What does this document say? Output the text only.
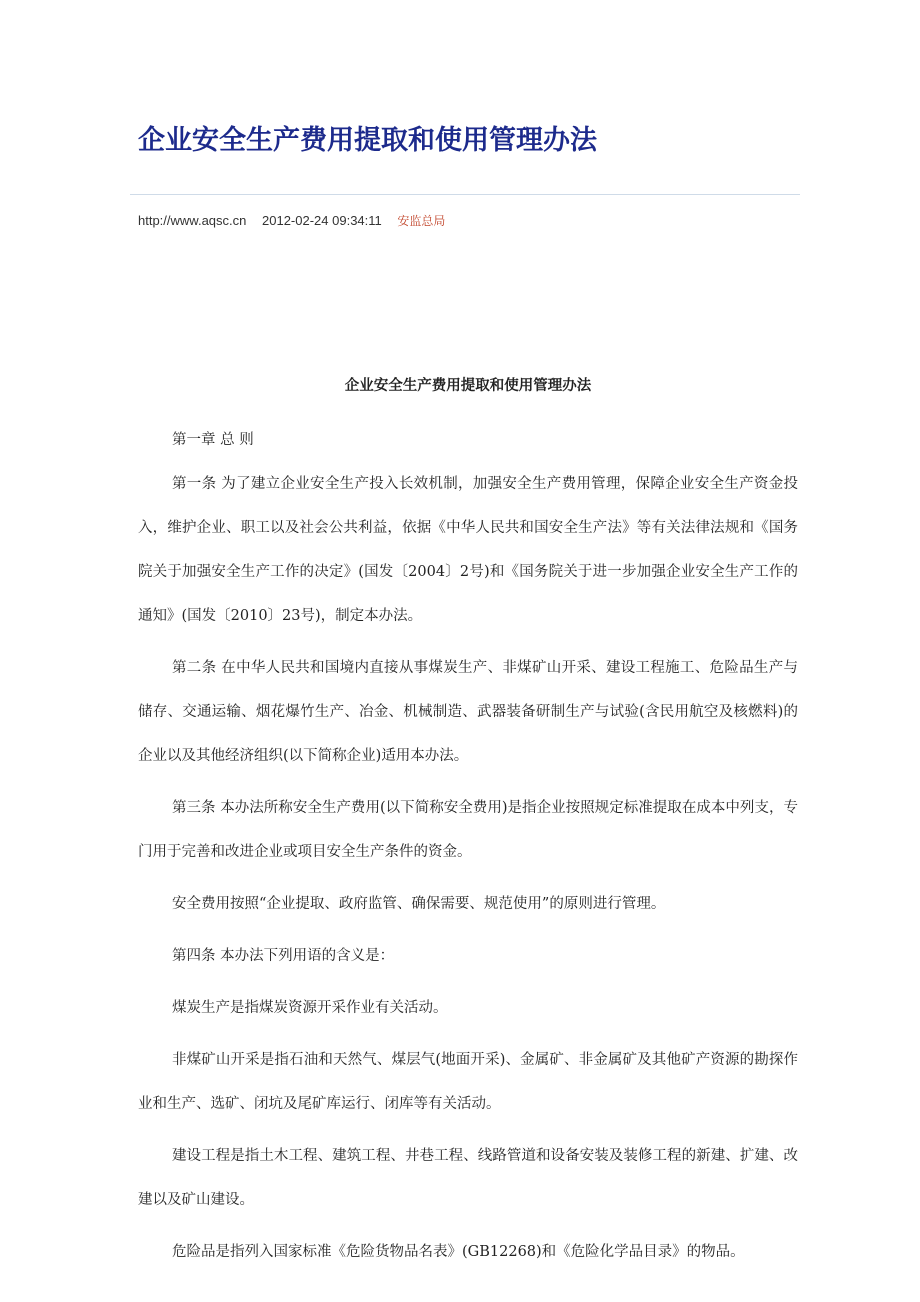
企业安全生产费用提取和使用管理办法
http://www.aqsc.cn 2012-02-24 09:34:11 安监总局
企业安全生产费用提取和使用管理办法

第一章 总 则

第一条 为了建立企业安全生产投入长效机制，加强安全生产费用管理，保障企业安全生产资金投入，维护企业、职工以及社会公共利益，依据《中华人民共和国安全生产法》等有关法律法规和《国务院关于加强安全生产工作的决定》(国发〔2004〕2号)和《国务院关于进一步加强企业安全生产工作的通知》(国发〔2010〕23号)，制定本办法。

第二条 在中华人民共和国境内直接从事煤炭生产、非煤矿山开采、建设工程施工、危险品生产与储存、交通运输、烟花爆竹生产、冶金、机械制造、武器装备研制生产与试验(含民用航空及核燃料)的企业以及其他经济组织(以下简称企业)适用本办法。

第三条 本办法所称安全生产费用(以下简称安全费用)是指企业按照规定标准提取在成本中列支，专门用于完善和改进企业或项目安全生产条件的资金。

安全费用按照“企业提取、政府监管、确保需要、规范使用”的原则进行管理。

第四条 本办法下列用语的含义是：

煤炭生产是指煤炭资源开采作业有关活动。

非煤矿山开采是指石油和天然气、煤层气(地面开采)、金属矿、非金属矿及其他矿产资源的勘探作业和生产、选矿、闭坑及尾矿库运行、闭库等有关活动。

建设工程是指土木工程、建筑工程、井巷工程、线路管道和设备安装及装修工程的新建、扩建、改建以及矿山建设。

危险品是指列入国家标准《危险货物品名表》(GB12268)和《危险化学品目录》的物品。
